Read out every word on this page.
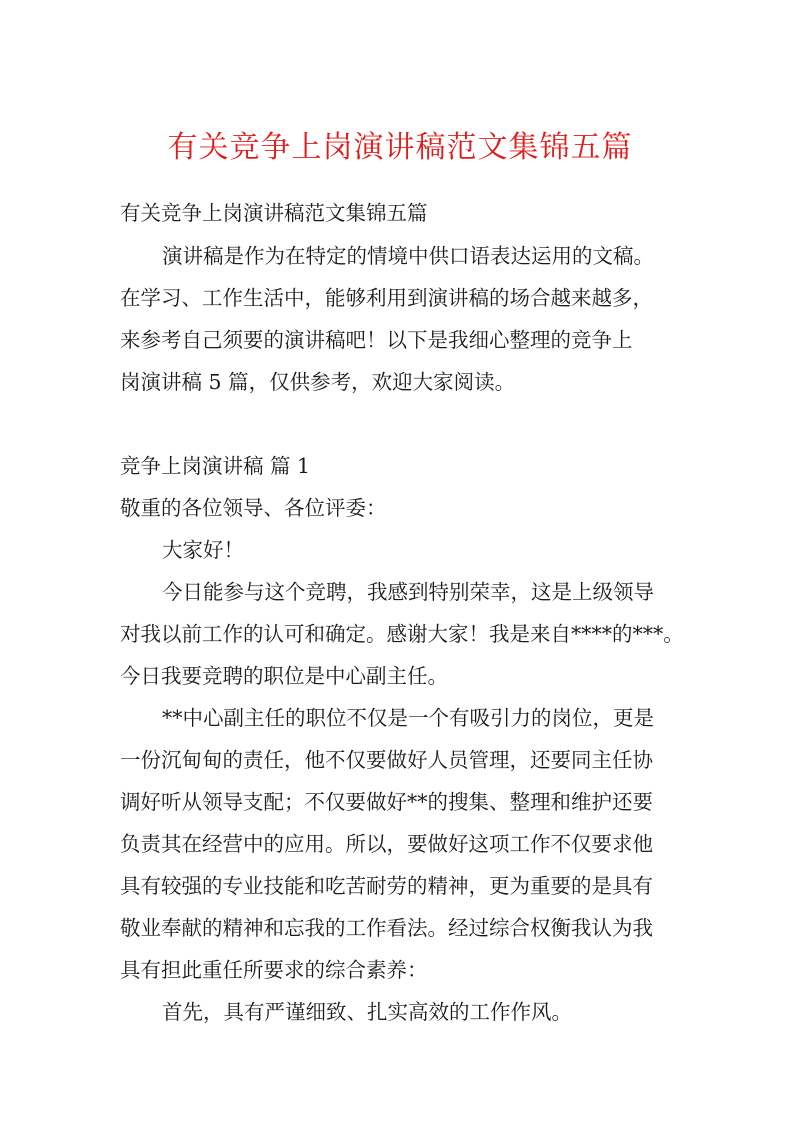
有关竞争上岗演讲稿范文集锦五篇
有关竞争上岗演讲稿范文集锦五篇
演讲稿是作为在特定的情境中供口语表达运用的文稿。
在学习、工作生活中，能够利用到演讲稿的场合越来越多，
来参考自己须要的演讲稿吧！以下是我细心整理的竞争上
岗演讲稿 5 篇，仅供参考，欢迎大家阅读。
竞争上岗演讲稿 篇 1
敬重的各位领导、各位评委：
大家好！
今日能参与这个竞聘，我感到特别荣幸，这是上级领导
对我以前工作的认可和确定。感谢大家！我是来自****的***。
今日我要竞聘的职位是中心副主任。
**中心副主任的职位不仅是一个有吸引力的岗位，更是
一份沉甸甸的责任，他不仅要做好人员管理，还要同主任协
调好听从领导支配；不仅要做好**的搜集、整理和维护还要
负责其在经营中的应用。所以，要做好这项工作不仅要求他
具有较强的专业技能和吃苦耐劳的精神，更为重要的是具有
敬业奉献的精神和忘我的工作看法。经过综合权衡我认为我
具有担此重任所要求的综合素养：
首先，具有严谨细致、扎实高效的工作作风。
